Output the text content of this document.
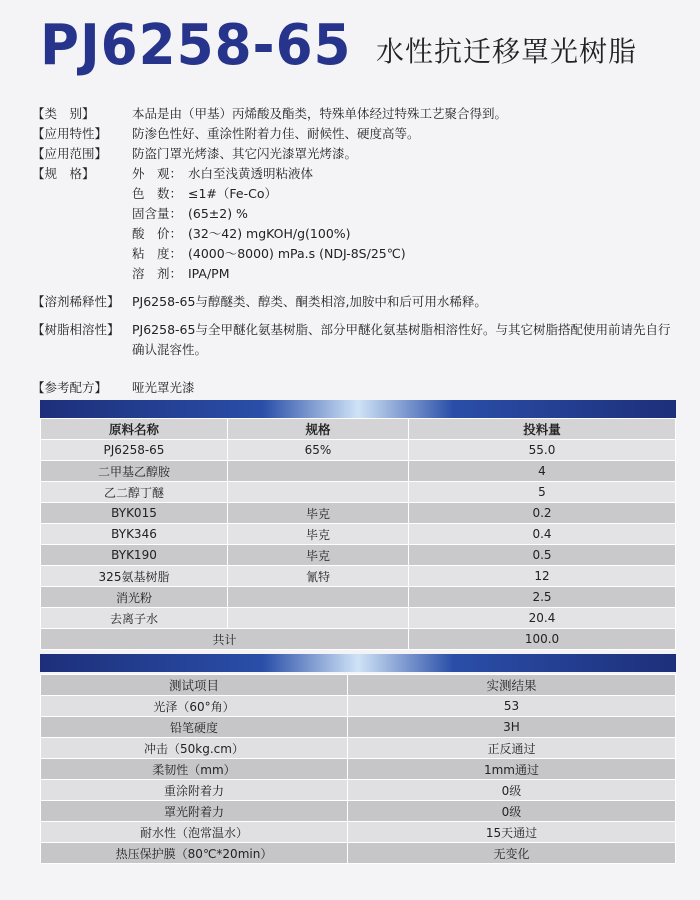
PJ6258-65 水性抗迁移罩光树脂
【类　别】	本品是由（甲基）丙烯酸及酯类，特殊单体经过特殊工艺聚合得到。
【应用特性】	防渗色性好、重涂性附着力佳、耐候性、硬度高等。
【应用范围】	防盗门罩光烤漆、其它闪光漆罩光烤漆。
【规　格】	外　观： 水白至浅黄透明粘液体
色　数： ≤1#（Fe-Co）
固含量： (65±2) %
酸　价： (32～42) mgKOH/g(100%)
粘　度： (4000～8000) mPa.s (NDJ-8S/25℃)
溶　剂： IPA/PM
【溶剂稀释性】 PJ6258-65与醇醚类、醇类、酮类相溶,加胺中和后可用水稀释。
【树脂相溶性】 PJ6258-65与全甲醚化氨基树脂、部分甲醚化氨基树脂相溶性好。与其它树脂搭配使用前请先自行确认混容性。
【参考配方】 哑光罩光漆
原料名称	规格	投料量
PJ6258-65	65%	55.0
二甲基乙醇胺		4
乙二醇丁醚		5
BYK015	毕克	0.2
BYK346	毕克	0.4
BYK190	毕克	0.5
325氨基树脂	氰特	12
消光粉		2.5
去离子水		20.4
共计		100.0
测试项目	实测结果
光泽（60°角）	53
铅笔硬度	3H
冲击（50kg.cm）	正反通过
柔韧性（mm）	1mm通过
重涂附着力	0级
罩光附着力	0级
耐水性（泡常温水）	15天通过
热压保护膜（80℃*20min）	无变化
